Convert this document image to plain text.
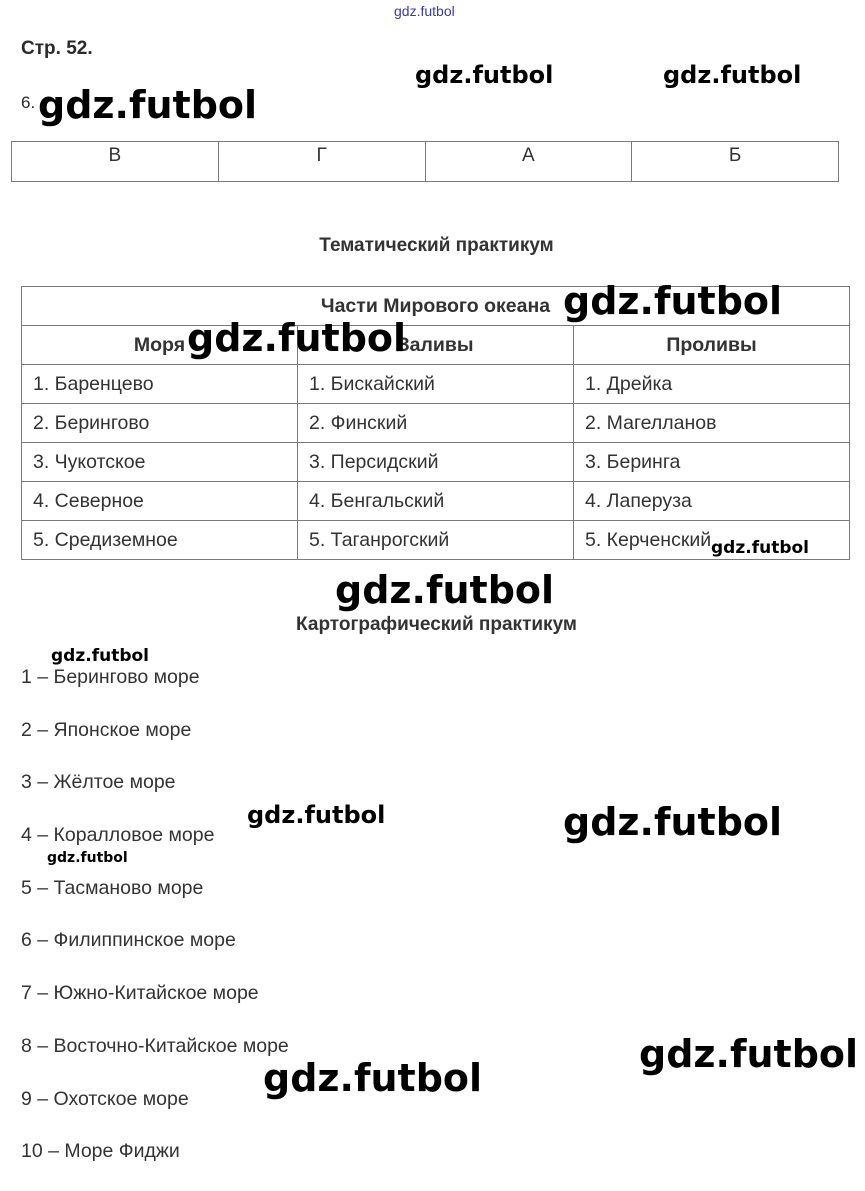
gdz.futbol
Стр. 52.
6.
В	Г	А	Б
Тематический практикум
Части Мирового океана		
Моря	Заливы	Проливы
1. Баренцево	1. Бискайский	1. Дрейка
2. Берингово	2. Финский	2. Магелланов
3. Чукотское	3. Персидский	3. Беринга
4. Северное	4. Бенгальский	4. Лаперуза
5. Средиземное	5. Таганрогский	5. Керченский
Картографический практикум
1 – Берингово море
2 – Японское море
3 – Жёлтое море
4 – Коралловое море
5 – Тасманово море
6 – Филиппинское море
7 – Южно-Китайское море
8 – Восточно-Китайское море
9 – Охотское море
10 – Море Фиджи
gdz.futbol	gdz.futbol
gdz.futbol
gdz.futbol
gdz.futbol
gdz.futbol
gdz.futbol
gdz.futbol
gdz.futbol	gdz.futbol
gdz.futbol
gdz.futbol
gdz.futbol
